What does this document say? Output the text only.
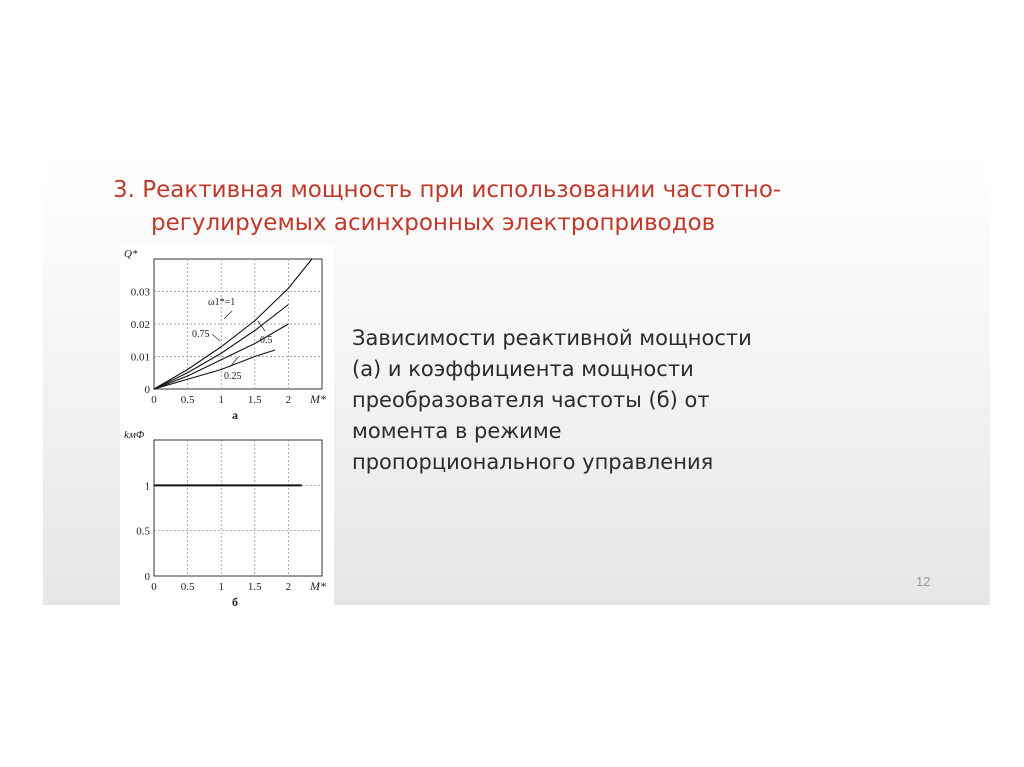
3. Реактивная мощность при использовании частотно-
регулируемых асинхронных электроприводов
0 0.5 1 1.5 2
0
0.01
0.02
0.03
M*
Q*
а
ω1*=1
0.75
0.5
0.25

0 0.5 1 1.5 2
0
0.5
1
M*
kмΦ
б

Зависимости реактивной мощности
(а) и коэффициента мощности
преобразователя частоты (б) от
момента в режиме
пропорционального управления

12
